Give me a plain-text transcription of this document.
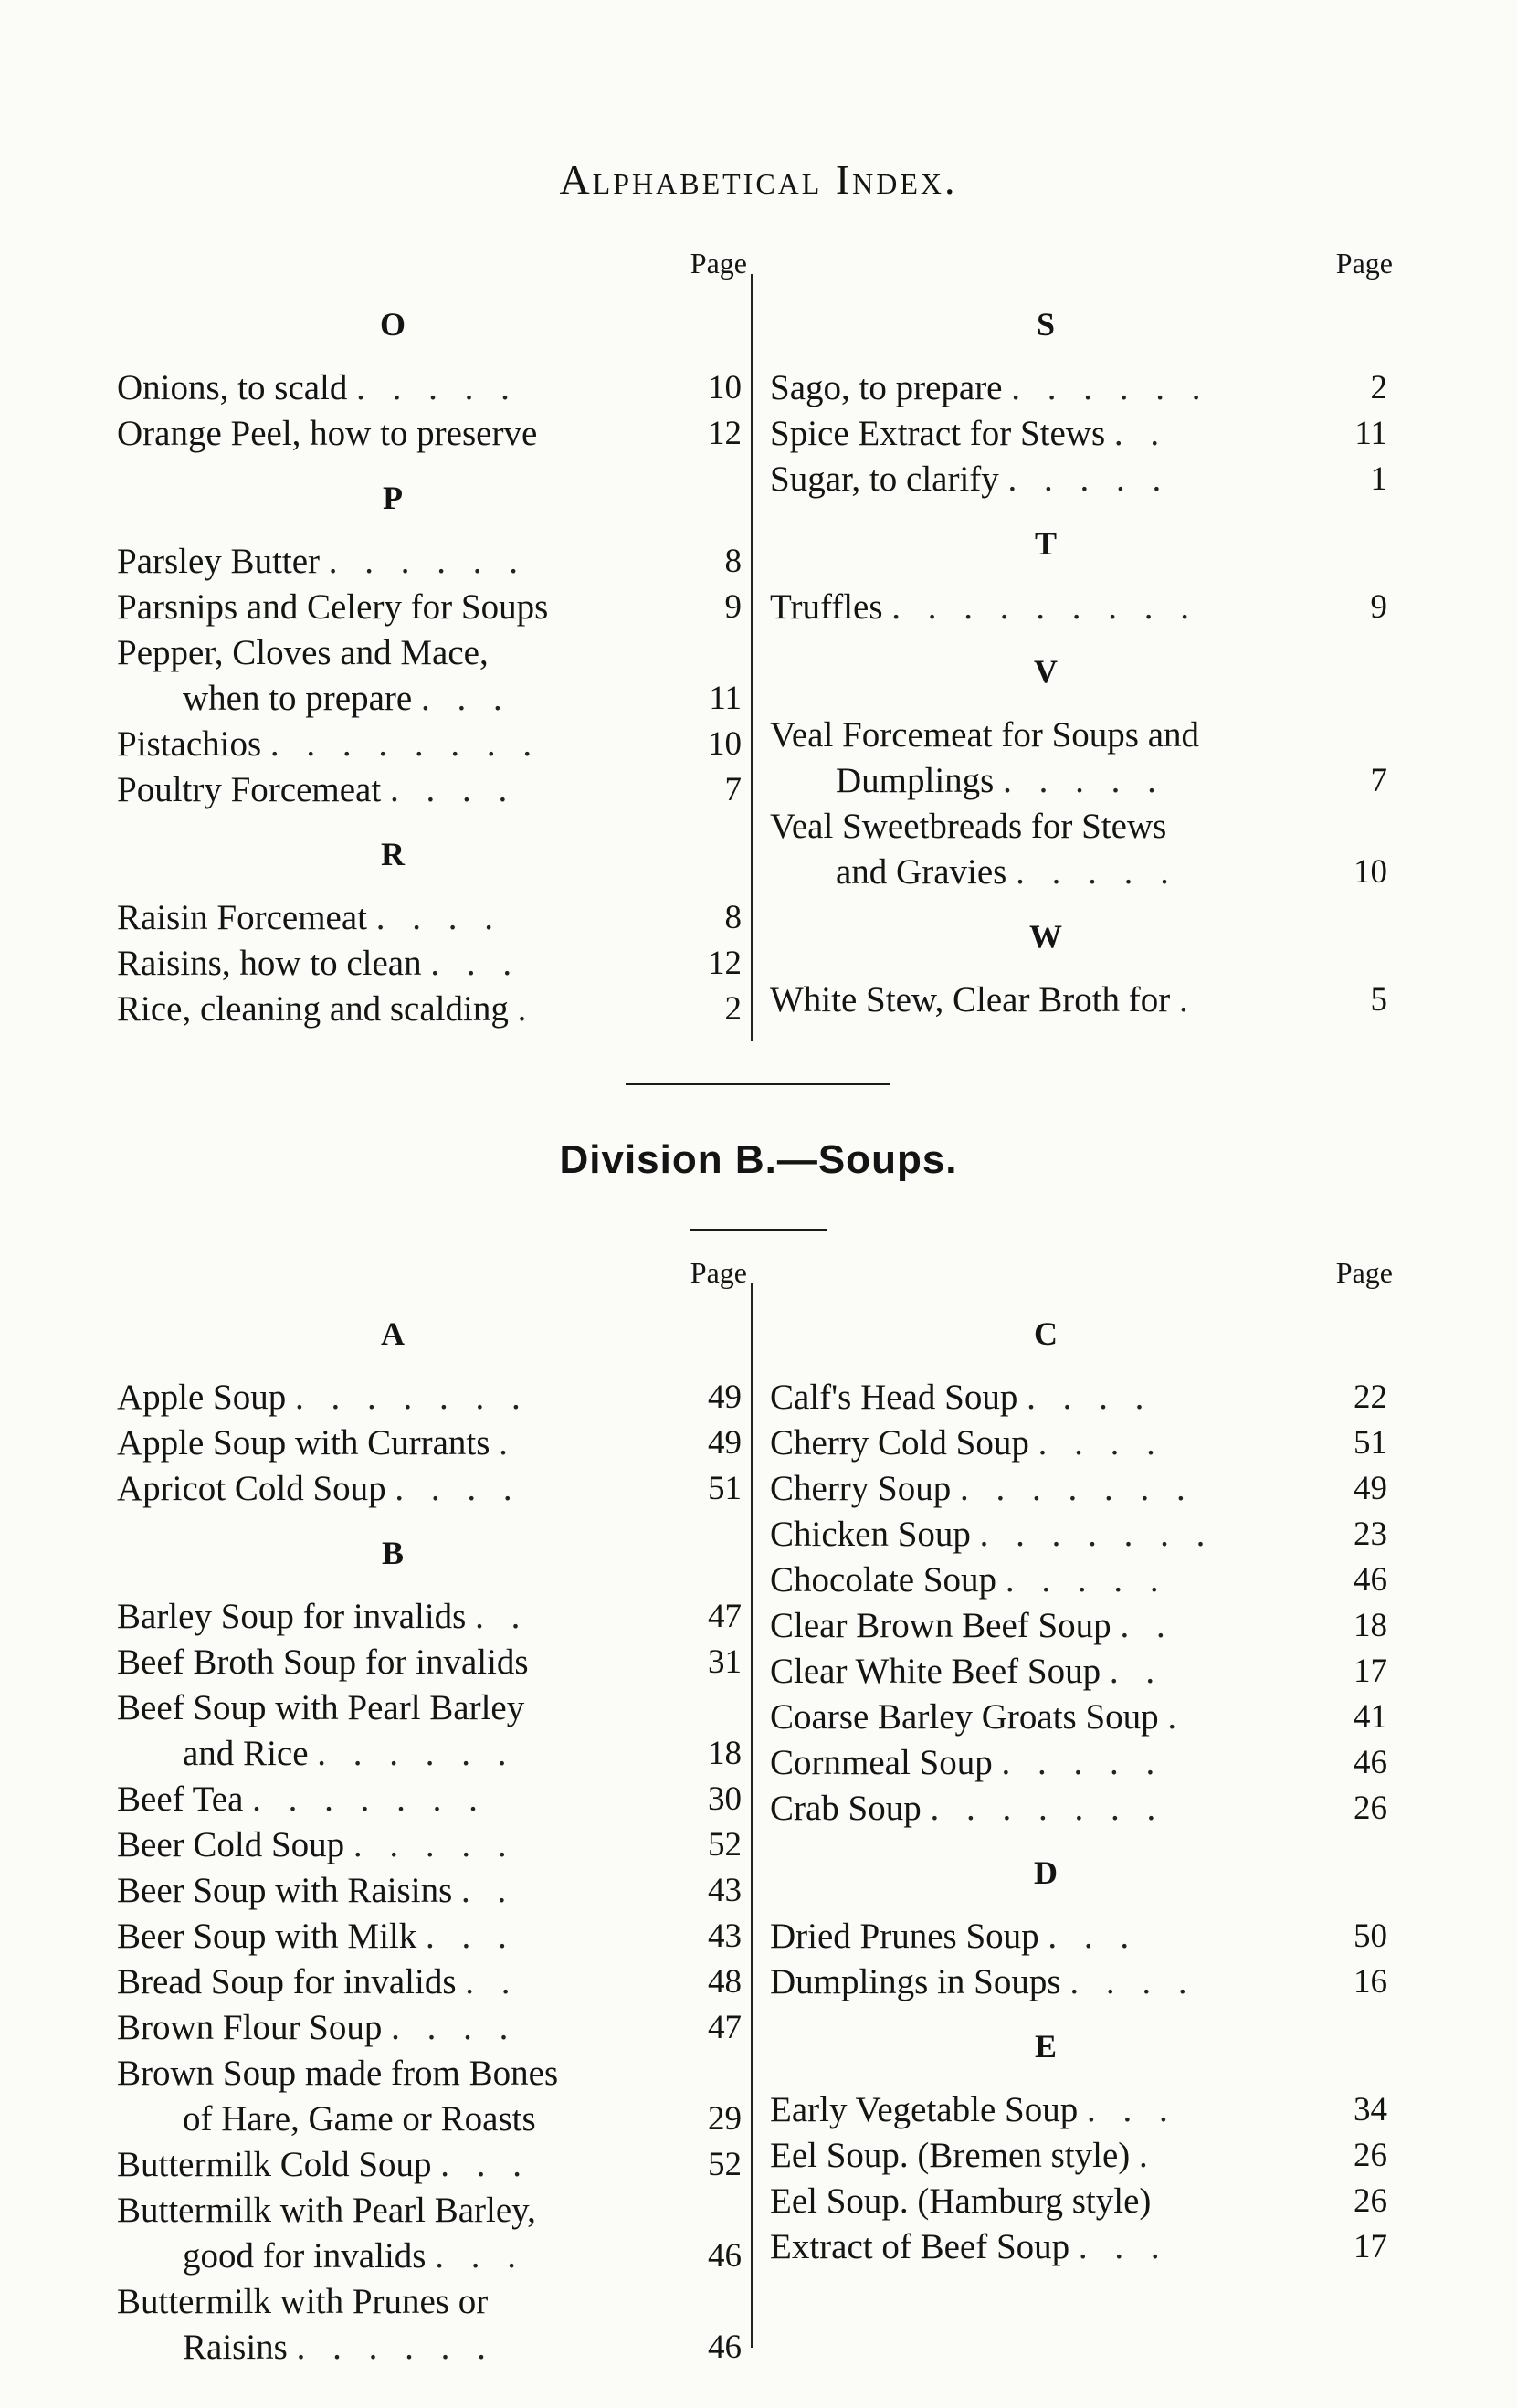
Alphabetical Index.
Page
O
Onions, to scald . . . . .	10
Orange Peel, how to preserve	12
P
Parsley Butter . . . . . .	8
Parsnips and Celery for Soups	9
Pepper, Cloves and Mace,
when to prepare . . .	11
Pistachios . . . . . . . .	10
Poultry Forcemeat . . . .	7
R
Raisin Forcemeat . . . .	8
Raisins, how to clean . . .	12
Rice, cleaning and scalding .	2
Page
S
Sago, to prepare . . . . . .	2
Spice Extract for Stews . .	11
Sugar, to clarify . . . . .	1
T
Truffles . . . . . . . . .	9
V
Veal Forcemeat for Soups and
Dumplings . . . . .	7
Veal Sweetbreads for Stews
and Gravies . . . . .	10
W
White Stew, Clear Broth for .	5
Division B.—Soups.
Page
A
Apple Soup . . . . . . .	49
Apple Soup with Currants .	49
Apricot Cold Soup . . . .	51
B
Barley Soup for invalids . .	47
Beef Broth Soup for invalids	31
Beef Soup with Pearl Barley
and Rice . . . . . .	18
Beef Tea . . . . . . .	30
Beer Cold Soup . . . . .	52
Beer Soup with Raisins . .	43
Beer Soup with Milk . . .	43
Bread Soup for invalids . .	48
Brown Flour Soup . . . .	47
Brown Soup made from Bones
of Hare, Game or Roasts	29
Buttermilk Cold Soup . . .	52
Buttermilk with Pearl Barley,
good for invalids . . .	46
Buttermilk with Prunes or
Raisins . . . . . .	46
Page
C
Calf's Head Soup . . . .	22
Cherry Cold Soup . . . .	51
Cherry Soup . . . . . . .	49
Chicken Soup . . . . . . .	23
Chocolate Soup . . . . .	46
Clear Brown Beef Soup . .	18
Clear White Beef Soup . .	17
Coarse Barley Groats Soup .	41
Cornmeal Soup . . . . .	46
Crab Soup . . . . . . .	26
D
Dried Prunes Soup . . .	50
Dumplings in Soups . . . .	16
E
Early Vegetable Soup . . .	34
Eel Soup. (Bremen style) .	26
Eel Soup. (Hamburg style)	26
Extract of Beef Soup . . .	17
